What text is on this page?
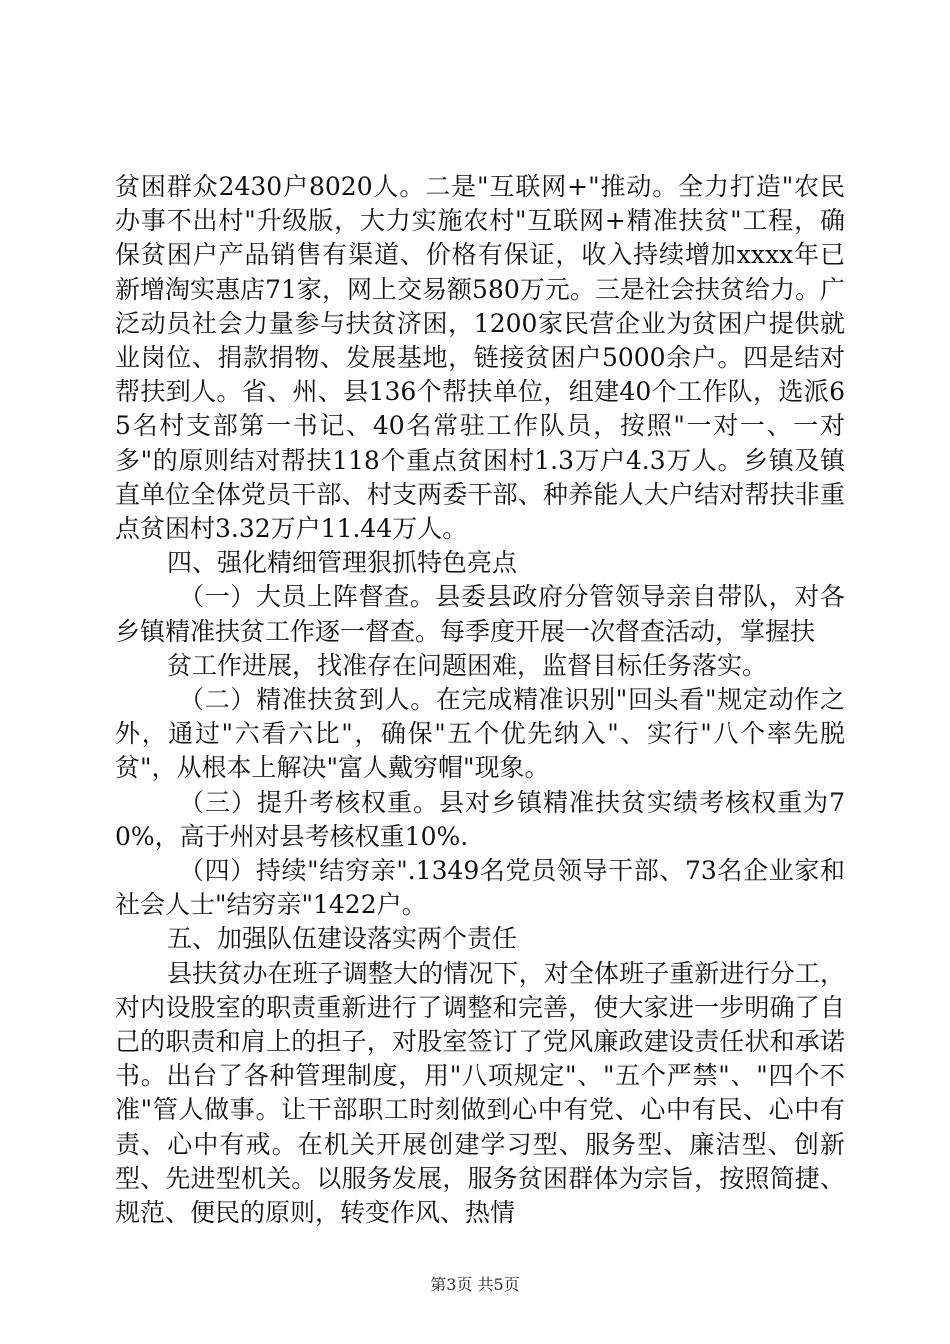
贫困群众2430户8020人。二是"互联网+"推动。全力打造"农民办事不出村"升级版，大力实施农村"互联网+精准扶贫"工程，确保贫困户产品销售有渠道、价格有保证，收入持续增加xxxx年已新增淘实惠店71家，网上交易额580万元。三是社会扶贫给力。广泛动员社会力量参与扶贫济困，1200家民营企业为贫困户提供就业岗位、捐款捐物、发展基地，链接贫困户5000余户。四是结对帮扶到人。省、州、县136个帮扶单位，组建40个工作队，选派65名村支部第一书记、40名常驻工作队员，按照"一对一、一对多"的原则结对帮扶118个重点贫困村1.3万户4.3万人。乡镇及镇直单位全体党员干部、村支两委干部、种养能人大户结对帮扶非重点贫困村3.32万户11.44万人。

四、强化精细管理狠抓特色亮点

（一）大员上阵督查。县委县政府分管领导亲自带队，对各乡镇精准扶贫工作逐一督查。每季度开展一次督查活动，掌握扶

贫工作进展，找准存在问题困难，监督目标任务落实。

（二）精准扶贫到人。在完成精准识别"回头看"规定动作之外，通过"六看六比"，确保"五个优先纳入"、实行"八个率先脱贫"，从根本上解决"富人戴穷帽"现象。

（三）提升考核权重。县对乡镇精准扶贫实绩考核权重为70%，高于州对县考核权重10%.

（四）持续"结穷亲".1349名党员领导干部、73名企业家和社会人士"结穷亲"1422户。

五、加强队伍建设落实两个责任

县扶贫办在班子调整大的情况下，对全体班子重新进行分工，对内设股室的职责重新进行了调整和完善，使大家进一步明确了自己的职责和肩上的担子，对股室签订了党风廉政建设责任状和承诺书。出台了各种管理制度，用"八项规定"、"五个严禁"、"四个不准"管人做事。让干部职工时刻做到心中有党、心中有民、心中有责、心中有戒。在机关开展创建学习型、服务型、廉洁型、创新型、先进型机关。以服务发展，服务贫困群体为宗旨，按照简捷、规范、便民的原则，转变作风、热情

第3页 共5页
